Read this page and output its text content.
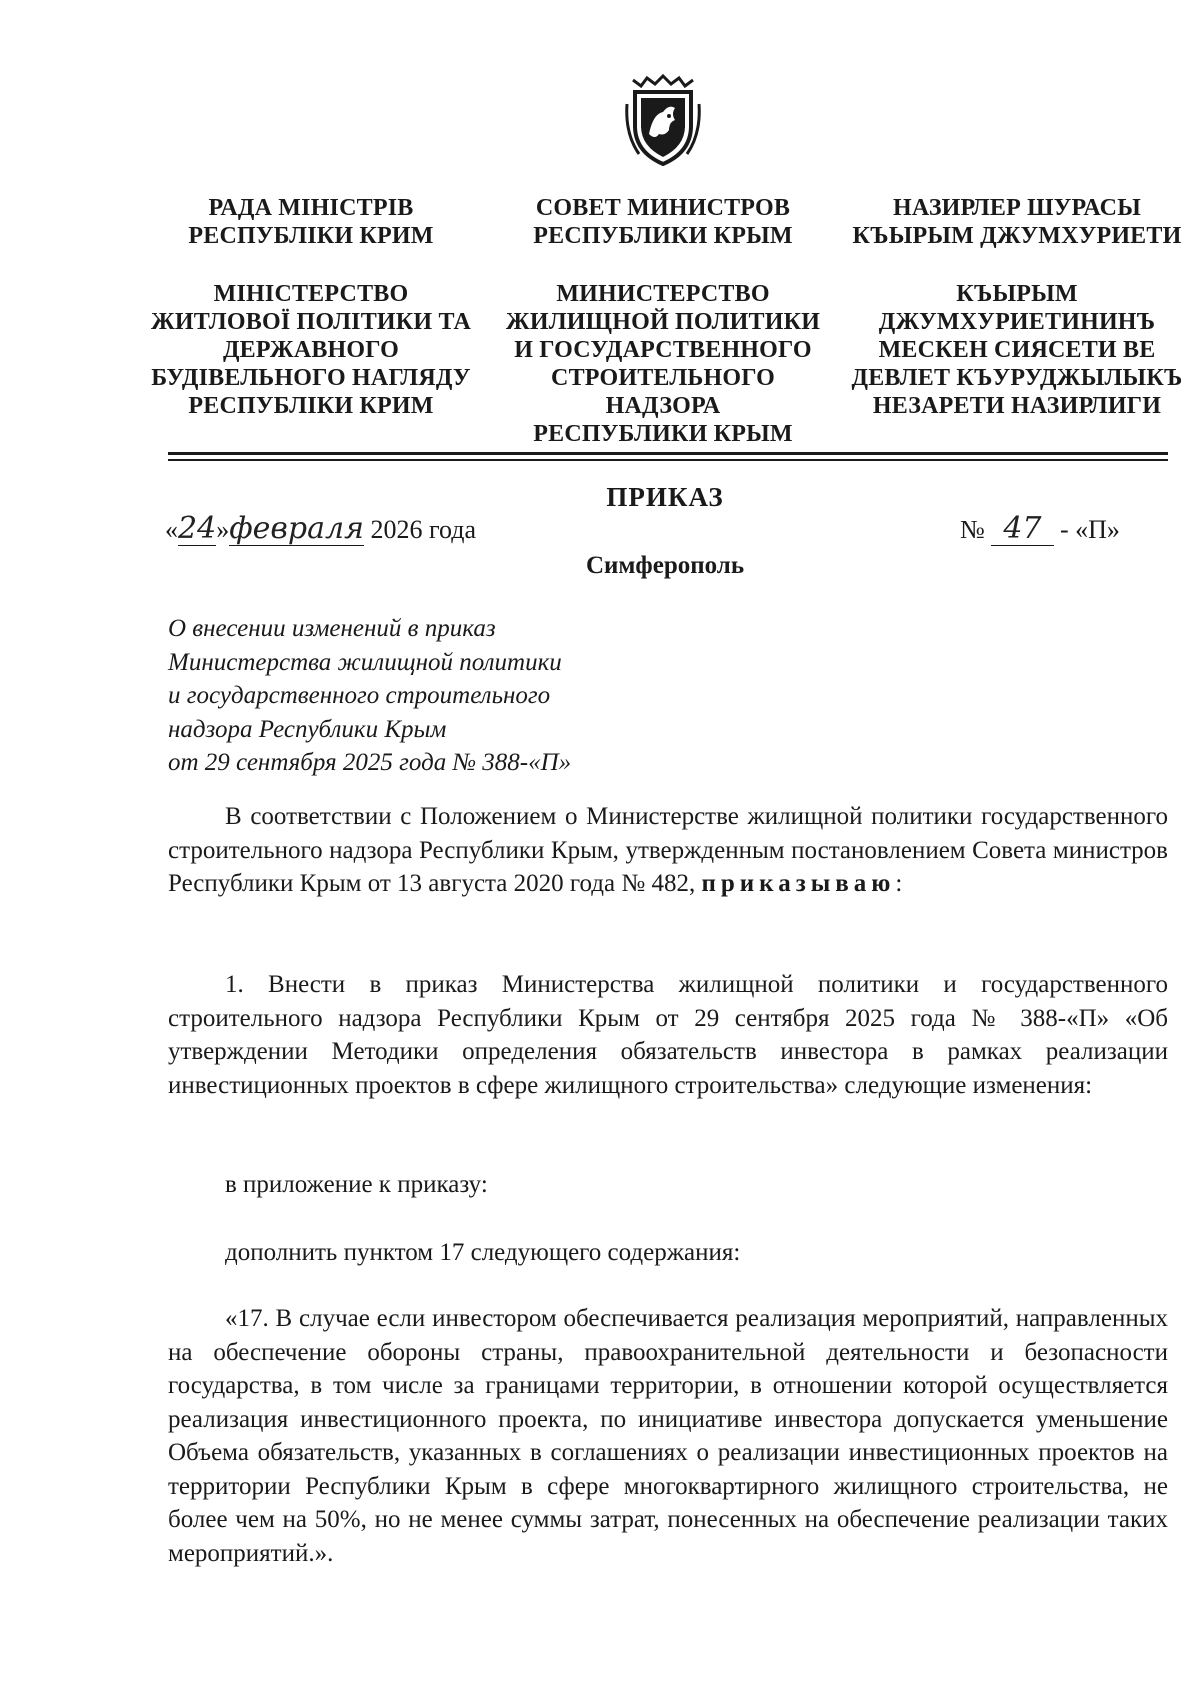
РАДА МІНІСТРІВ

РЕСПУБЛІКИ КРИМ

СОВЕТ МИНИСТРОВ

РЕСПУБЛИКИ КРЫМ

НАЗИРЛЕР ШУРАСЫ

КЪЫРЫМ ДЖУМХУРИЕТИ

МІНІСТЕРСТВО

ЖИТЛОВОЇ ПОЛІТИКИ ТА

ДЕРЖАВНОГО

БУДІВЕЛЬНОГО НАГЛЯДУ

РЕСПУБЛІКИ КРИМ

МИНИСТЕРСТВО

ЖИЛИЩНОЙ ПОЛИТИКИ

И ГОСУДАРСТВЕННОГО

СТРОИТЕЛЬНОГО

НАДЗОРА

РЕСПУБЛИКИ КРЫМ

КЪЫРЫМ

ДЖУМХУРИЕТИНИНЪ

МЕСКЕН СИЯСЕТИ ВЕ

ДЕВЛЕТ КЪУРУДЖЫЛЫКЪ

НЕЗАРЕТИ НАЗИРЛИГИ

ПРИКАЗ
«24»февраля 2026 года	№ 47 - «П»
Симферополь

О внесении изменений в приказ

Министерства жилищной политики

и государственного строительного

надзора Республики Крым

от 29 сентября 2025 года № 388-«П»

В соответствии с Положением о Министерстве жилищной политики государственного строительного надзора Республики Крым, утвержденным постановлением Совета министров Республики Крым от 13 августа 2020 года № 482, приказываю:

1. Внести в приказ Министерства жилищной политики и государственного строительного надзора Республики Крым от 29 сентября 2025 года № 388-«П» «Об утверждении Методики определения обязательств инвестора в рамках реализации инвестиционных проектов в сфере жилищного строительства» следующие изменения:

в приложение к приказу:

дополнить пунктом 17 следующего содержания:

«17. В случае если инвестором обеспечивается реализация мероприятий, направленных на обеспечение обороны страны, правоохранительной деятельности и безопасности государства, в том числе за границами территории, в отношении которой осуществляется реализация инвестиционного проекта, по инициативе инвестора допускается уменьшение Объема обязательств, указанных в соглашениях о реализации инвестиционных проектов на территории Республики Крым в сфере многоквартирного жилищного строительства, не более чем на 50%, но не менее суммы затрат, понесенных на обеспечение реализации таких мероприятий.».
